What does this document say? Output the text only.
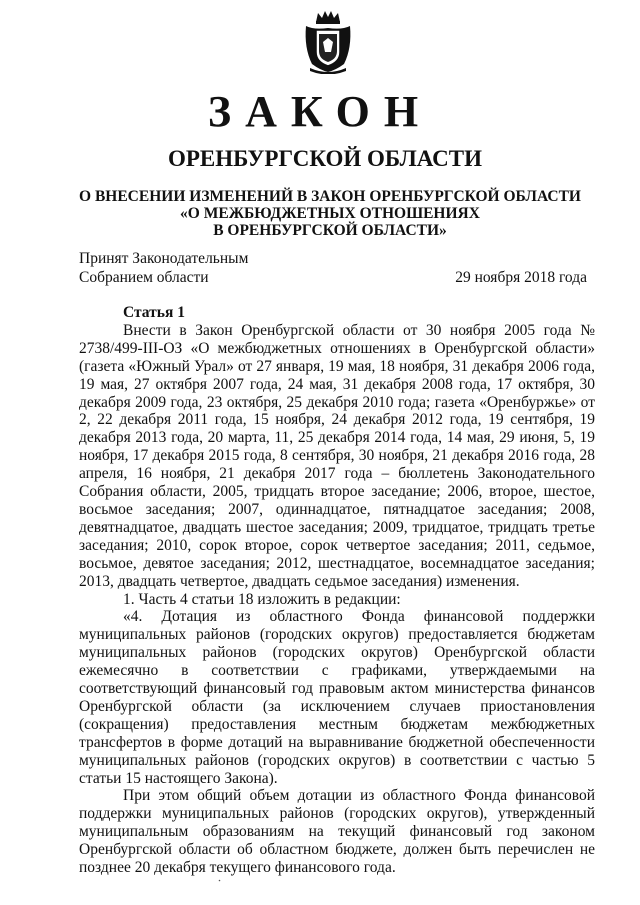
ЗАКОН
ОРЕНБУРГСКОЙ ОБЛАСТИ
О ВНЕСЕНИИ ИЗМЕНЕНИЙ В ЗАКОН ОРЕНБУРГСКОЙ ОБЛАСТИ
«О МЕЖБЮДЖЕТНЫХ ОТНОШЕНИЯХ
В ОРЕНБУРГСКОЙ ОБЛАСТИ»
Принят Законодательным
Собранием области	29 ноября 2018 года

Статья 1

Внести в Закон Оренбургской области от 30 ноября 2005 года № 2738/499-III-ОЗ «О межбюджетных отношениях в Оренбургской области» (газета «Южный Урал» от 27 января, 19 мая, 18 ноября, 31 декабря 2006 года, 19 мая, 27 октября 2007 года, 24 мая, 31 декабря 2008 года, 17 октября, 30 декабря 2009 года, 23 октября, 25 декабря 2010 года; газета «Оренбуржье» от 2, 22 декабря 2011 года, 15 ноября, 24 декабря 2012 года, 19 сентября, 19 декабря 2013 года, 20 марта, 11, 25 декабря 2014 года, 14 мая, 29 июня, 5, 19 ноября, 17 декабря 2015 года, 8 сентября, 30 ноября, 21 декабря 2016 года, 28 апреля, 16 ноября, 21 декабря 2017 года – бюллетень Законодательного Собрания области, 2005, тридцать второе заседание; 2006, второе, шестое, восьмое заседания; 2007, одиннадцатое, пятнадцатое заседания; 2008, девятнадцатое, двадцать шестое заседания; 2009, тридцатое, тридцать третье заседания; 2010, сорок второе, сорок четвертое заседания; 2011, седьмое, восьмое, девятое заседания; 2012, шестнадцатое, восемнадцатое заседания; 2013, двадцать четвертое, двадцать седьмое заседания) изменения.

1. Часть 4 статьи 18 изложить в редакции:

«4. Дотация из областного Фонда финансовой поддержки муниципальных районов (городских округов) предоставляется бюджетам муниципальных районов (городских округов) Оренбургской области ежемесячно в соответствии с графиками, утверждаемыми на соответствующий финансовый год правовым актом министерства финансов Оренбургской области (за исключением случаев приостановления (сокращения) предоставления местным бюджетам межбюджетных трансфертов в форме дотаций на выравнивание бюджетной обеспеченности муниципальных районов (городских округов) в соответствии с частью 5 статьи 15 настоящего Закона).

При этом общий объем дотации из областного Фонда финансовой поддержки муниципальных районов (городских округов), утвержденный муниципальным образованиям на текущий финансовый год законом Оренбургской области об областном бюджете, должен быть перечислен не позднее 20 декабря текущего финансового года.
